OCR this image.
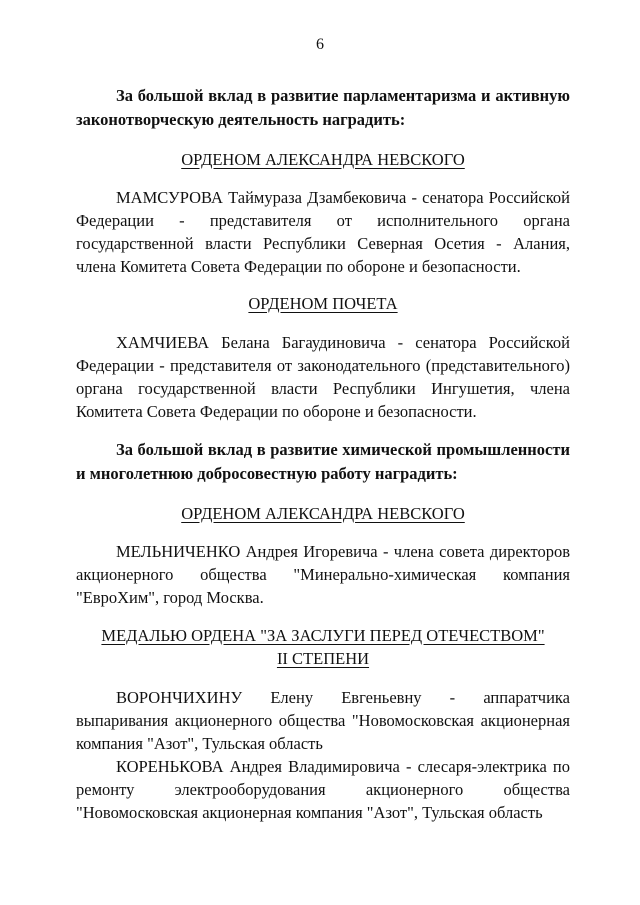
6
За большой вклад в развитие парламентаризма и активную законотворческую деятельность наградить:
ОРДЕНОМ АЛЕКСАНДРА НЕВСКОГО
МАМСУРОВА Таймураза Дзамбековича - сенатора Российской Федерации - представителя от исполнительного органа государственной власти Республики Северная Осетия - Алания, члена Комитета Совета Федерации по обороне и безопасности.
ОРДЕНОМ ПОЧЕТА
ХАМЧИЕВА Белана Багаудиновича - сенатора Российской Федерации - представителя от законодательного (представительного) органа государственной власти Республики Ингушетия, члена Комитета Совета Федерации по обороне и безопасности.
За большой вклад в развитие химической промышленности и многолетнюю добросовестную работу наградить:
ОРДЕНОМ АЛЕКСАНДРА НЕВСКОГО
МЕЛЬНИЧЕНКО Андрея Игоревича - члена совета директоров акционерного общества "Минерально-химическая компания "ЕвроХим", город Москва.
МЕДАЛЬЮ ОРДЕНА "ЗА ЗАСЛУГИ ПЕРЕД ОТЕЧЕСТВОМ"
II СТЕПЕНИ
ВОРОНЧИХИНУ Елену Евгеньевну - аппаратчика выпаривания акционерного общества "Новомосковская акционерная компания "Азот", Тульская область
КОРЕНЬКОВА Андрея Владимировича - слесаря-электрика по ремонту электрооборудования акционерного общества "Новомосковская акционерная компания "Азот", Тульская область
